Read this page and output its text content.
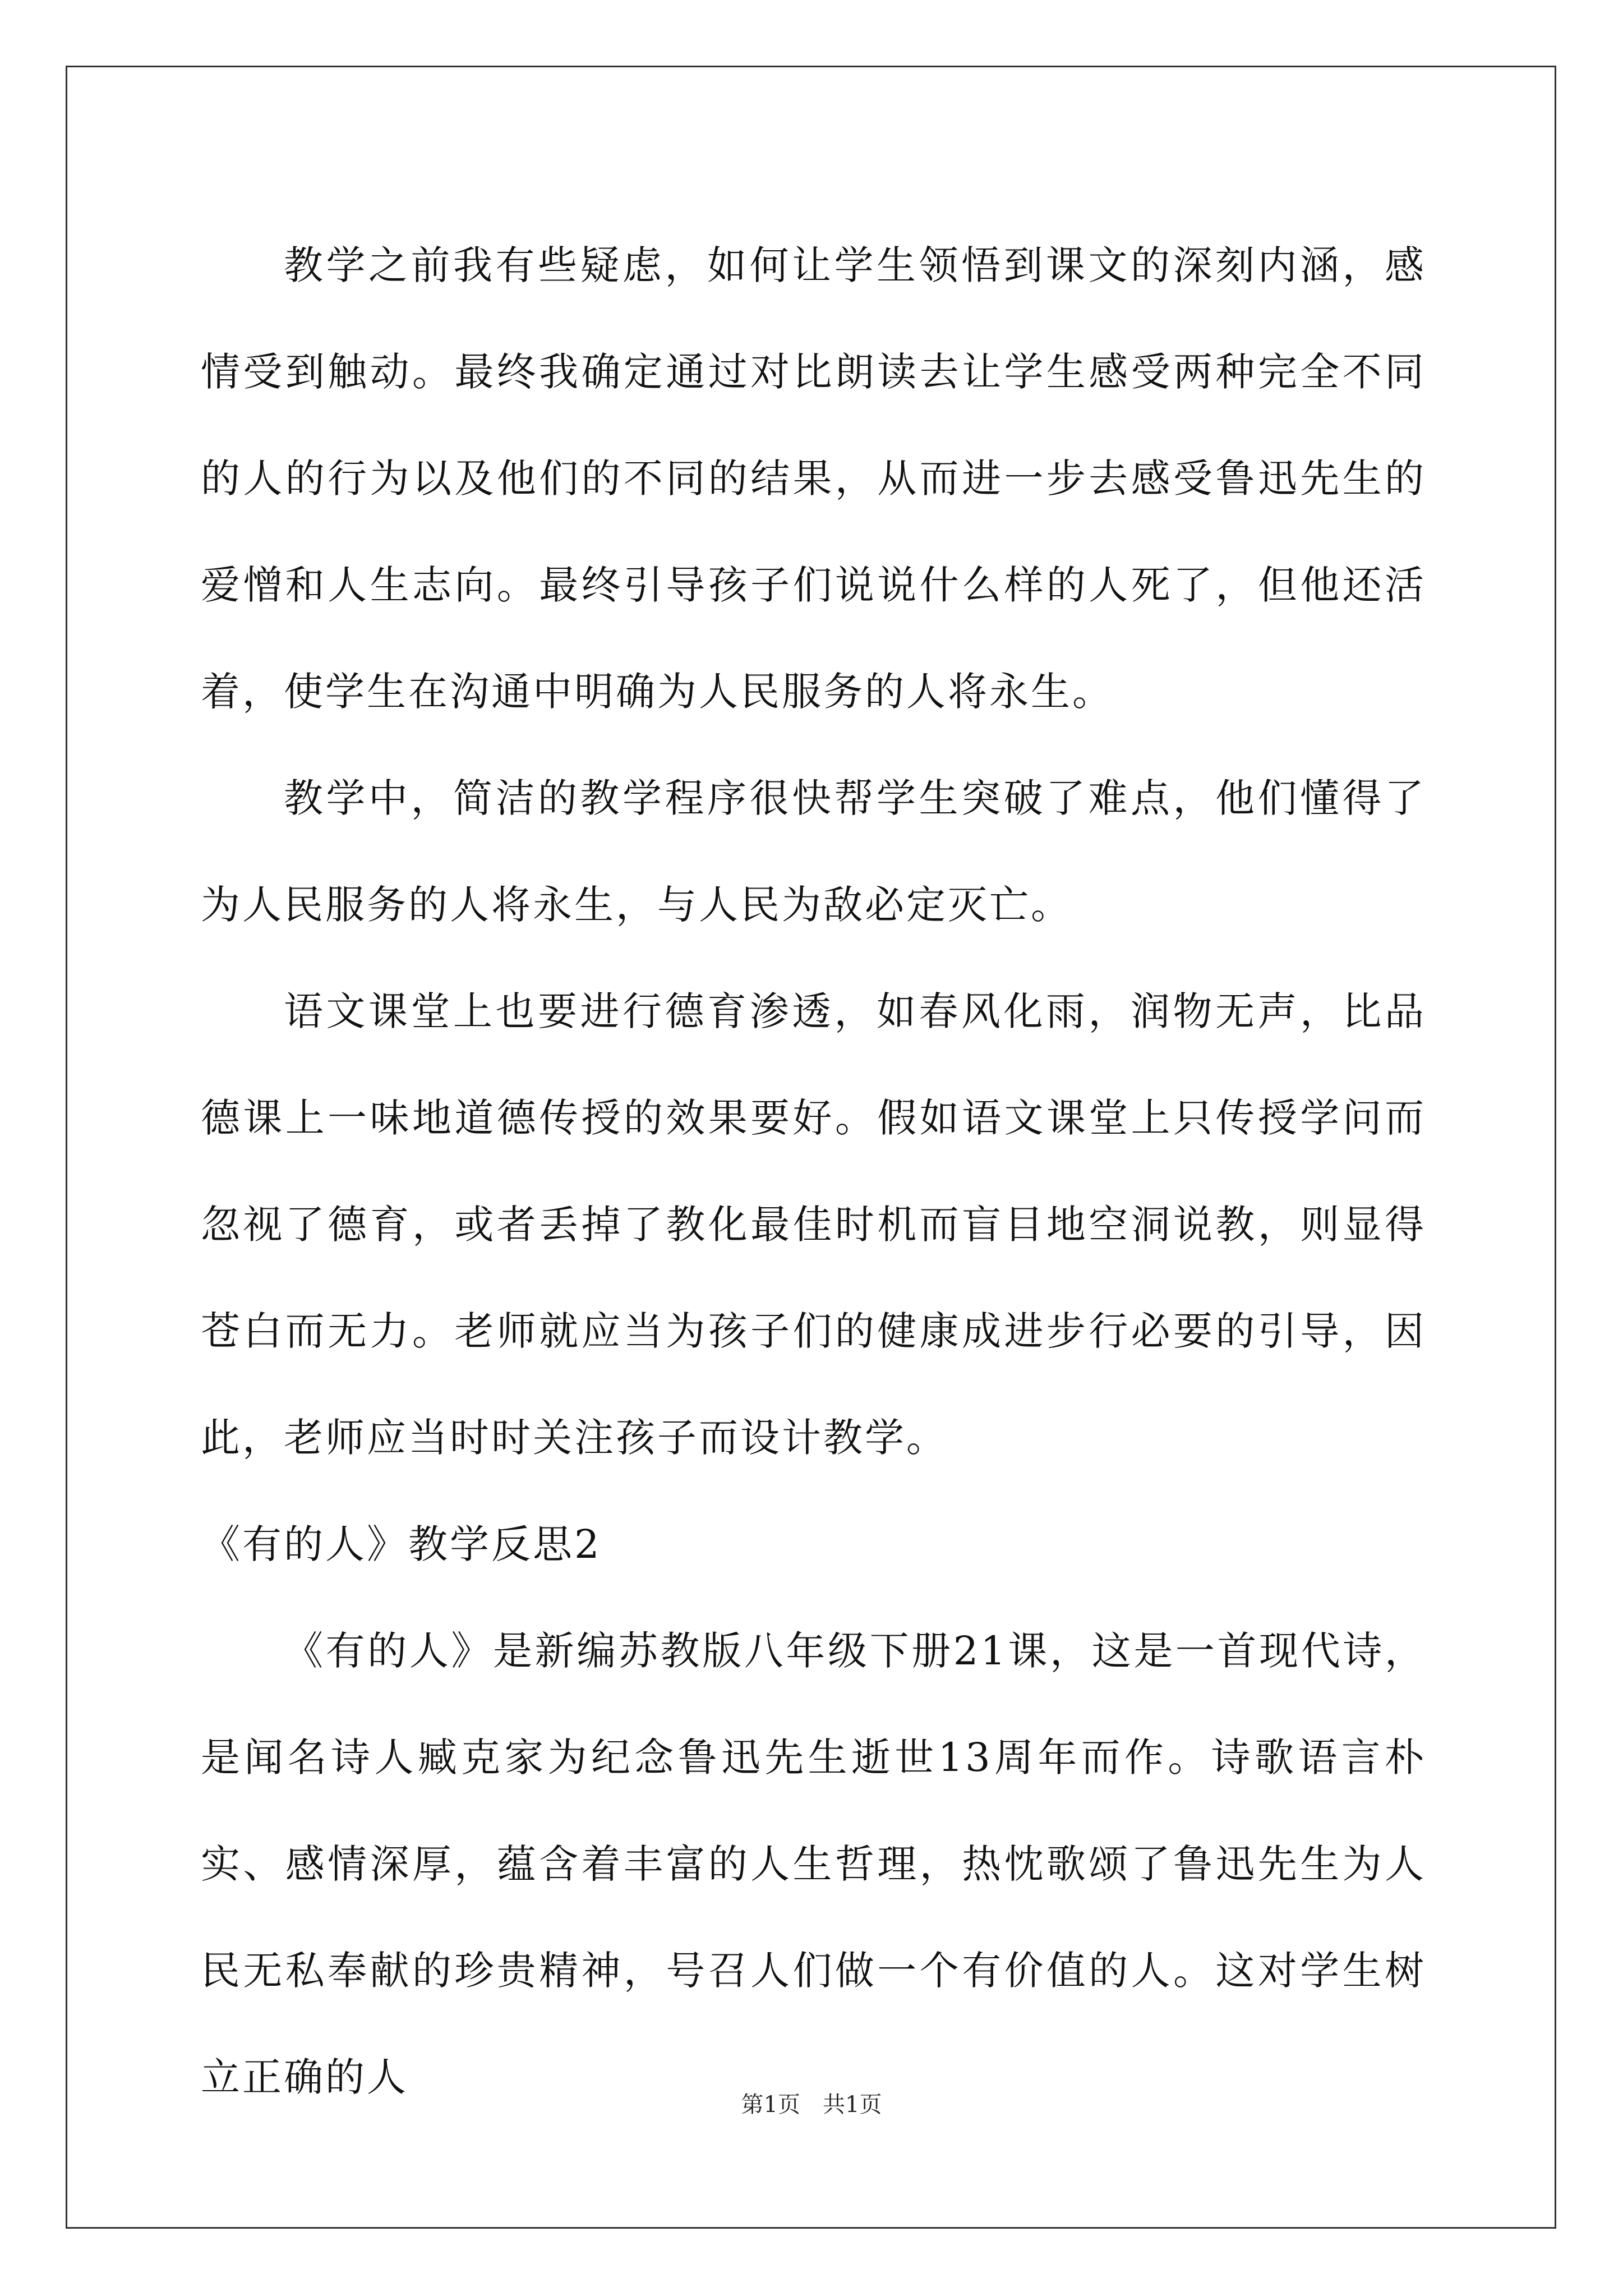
教学之前我有些疑虑，如何让学生领悟到课文的深刻内涵，感情受到触动。最终我确定通过对比朗读去让学生感受两种完全不同的人的行为以及他们的不同的结果，从而进一步去感受鲁迅先生的爱憎和人生志向。最终引导孩子们说说什么样的人死了，但他还活着，使学生在沟通中明确为人民服务的人将永生。

教学中，简洁的教学程序很快帮学生突破了难点，他们懂得了为人民服务的人将永生，与人民为敌必定灭亡。

语文课堂上也要进行德育渗透，如春风化雨，润物无声，比品德课上一味地道德传授的效果要好。假如语文课堂上只传授学问而忽视了德育，或者丢掉了教化最佳时机而盲目地空洞说教，则显得苍白而无力。老师就应当为孩子们的健康成进步行必要的引导，因此，老师应当时时关注孩子而设计教学。

《有的人》教学反思2

《有的人》是新编苏教版八年级下册21课，这是一首现代诗，是闻名诗人臧克家为纪念鲁迅先生逝世13周年而作。诗歌语言朴实、感情深厚，蕴含着丰富的人生哲理，热忱歌颂了鲁迅先生为人民无私奉献的珍贵精神，号召人们做一个有价值的人。这对学生树立正确的人

第1页 共1页
